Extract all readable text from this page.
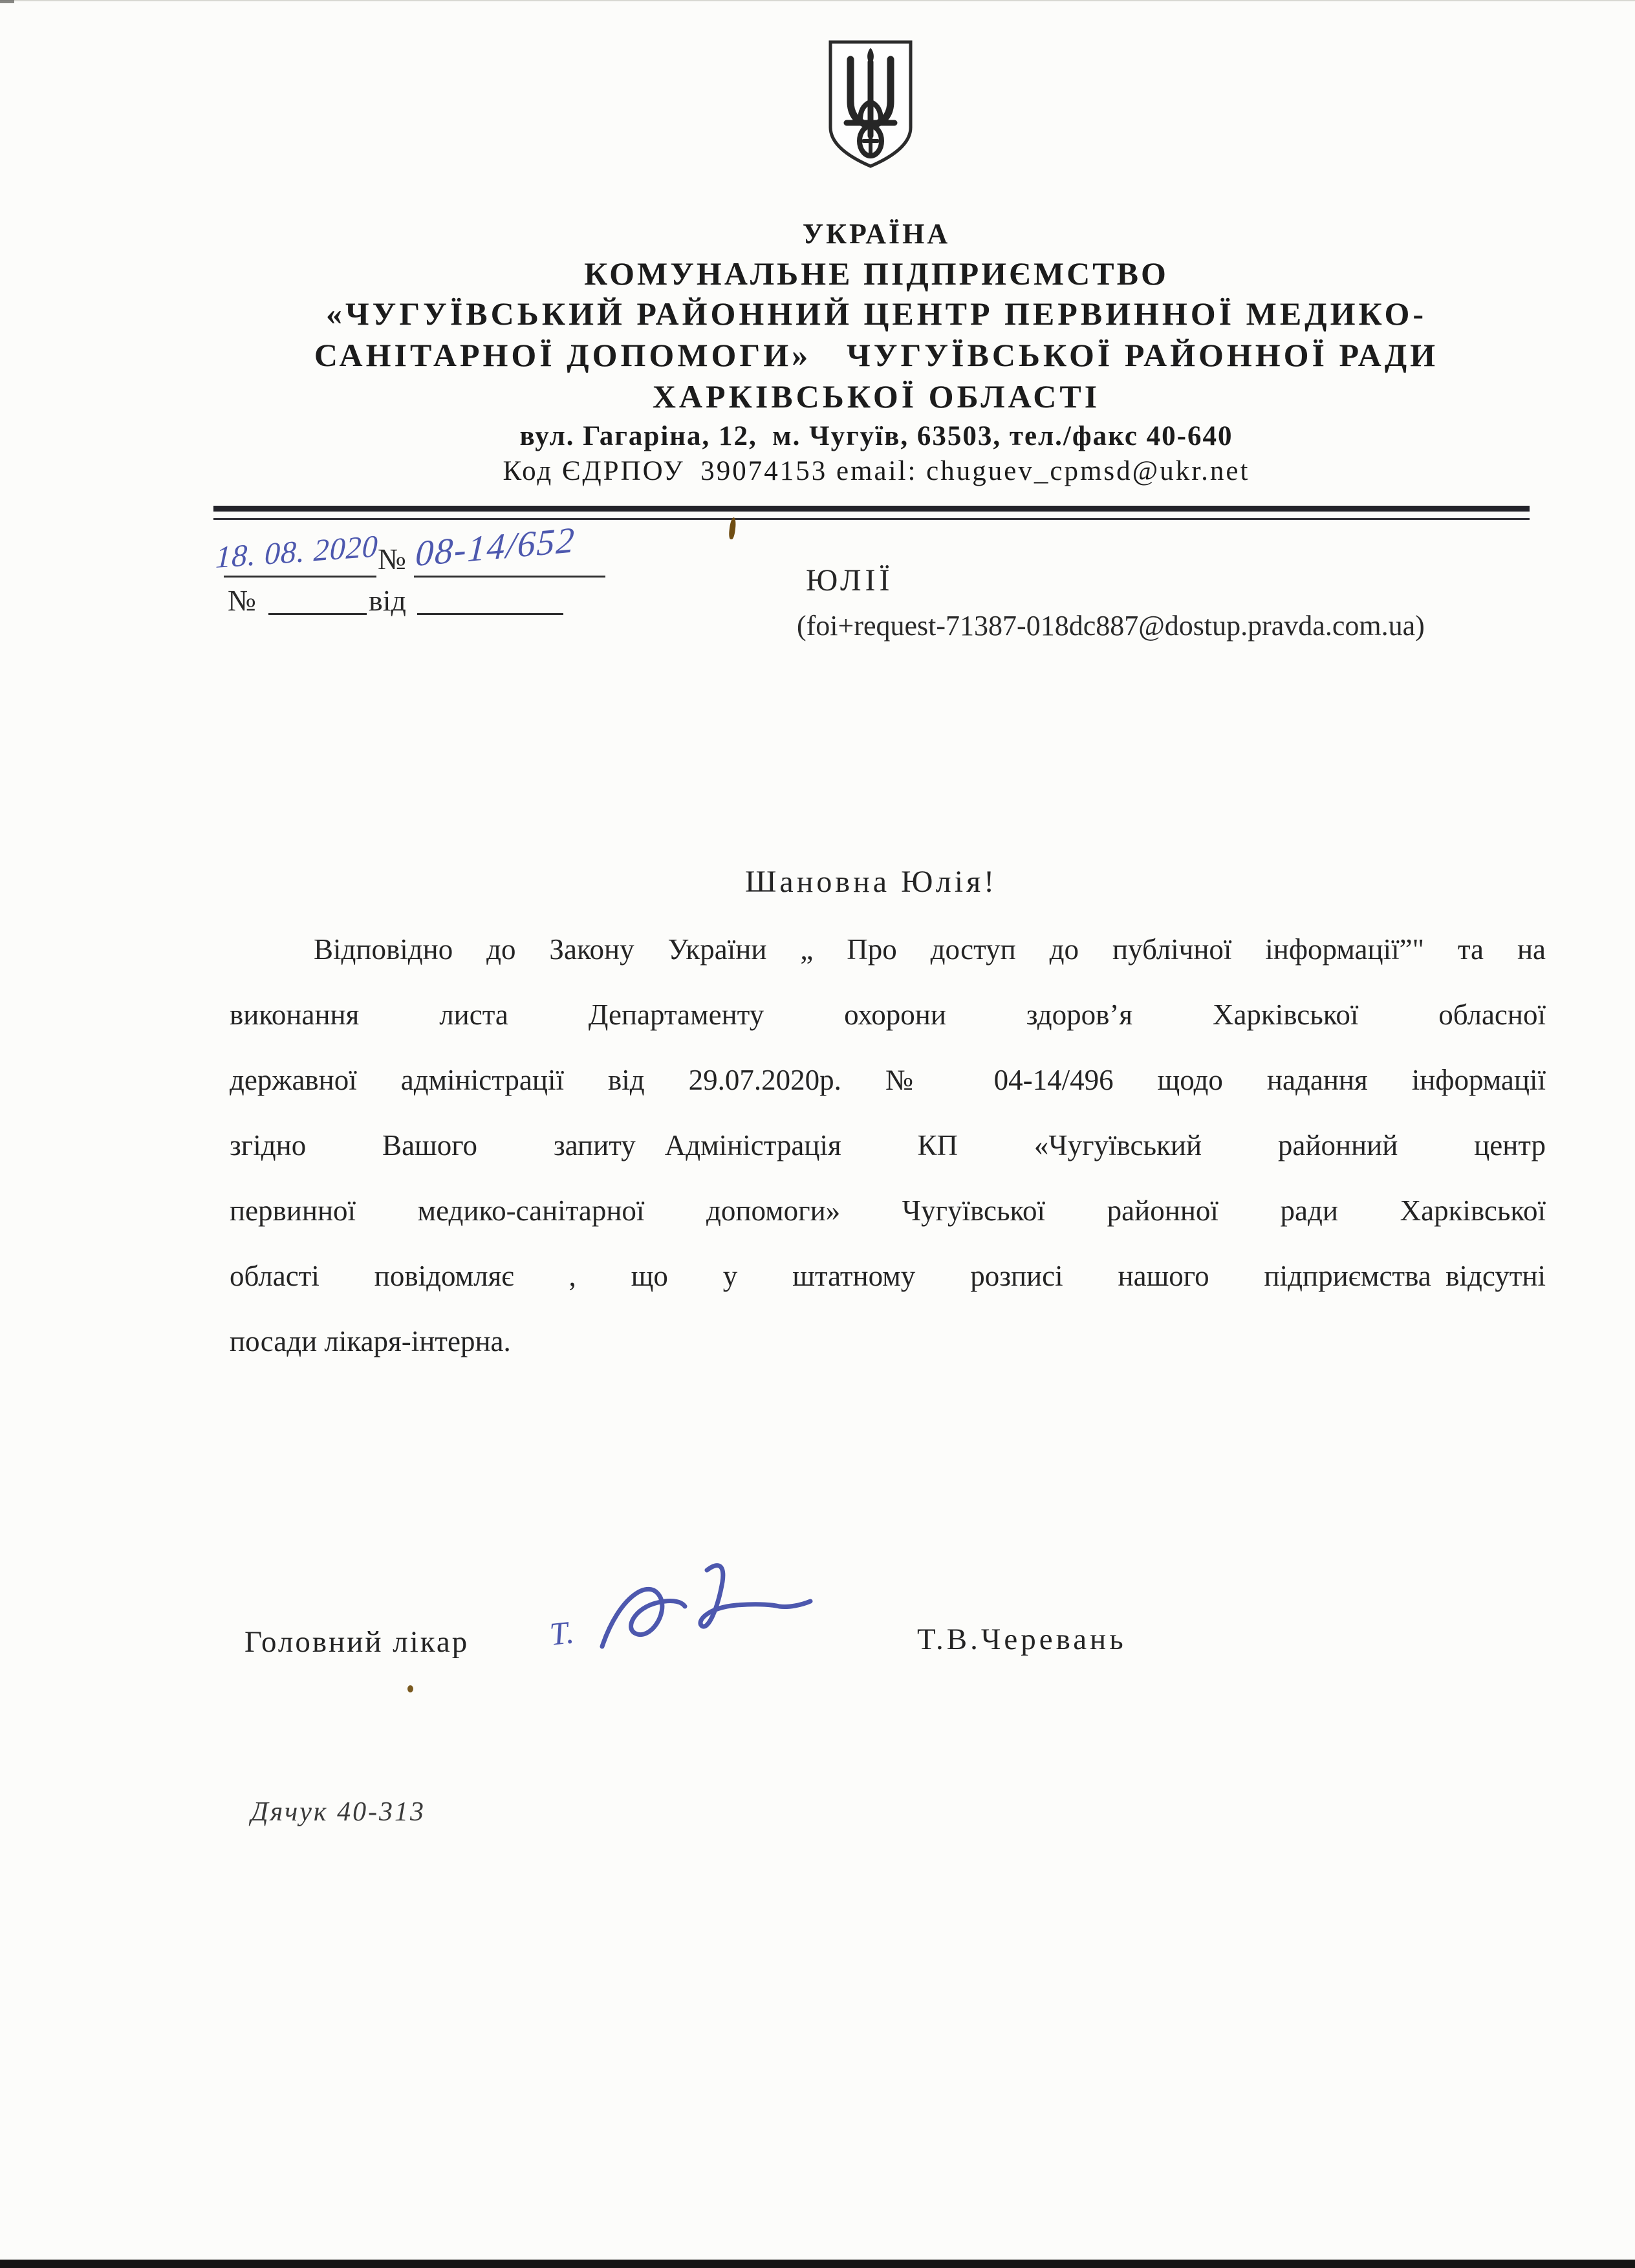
УКРАЇНА
КОМУНАЛЬНЕ ПІДПРИЄМСТВО
«ЧУГУЇВСЬКИЙ РАЙОННИЙ ЦЕНТР ПЕРВИННОЇ МЕДИКО-
САНІТАРНОЇ ДОПОМОГИ» ЧУГУЇВСЬКОЇ РАЙОННОЇ РАДИ
ХАРКІВСЬКОЇ ОБЛАСТІ
вул. Гагаріна, 12, м. Чугуїв, 63503, тел./факс 40-640
Код ЄДРПОУ 39074153 email: chuguev_cpmsd@ukr.net
18. 08. 2020
№ 08-14/652
№	від
ЮЛІЇ
(foi+request-71387-018dc887@dostup.pravda.com.ua)
Шановна Юлія!
Відповідно до Закону України „ Про доступ до публічної інформації”" та на
виконання листа Департаменту охорони здоров’я Харківської обласної
державної адміністрації від 29.07.2020р. № 04-14/496 щодо надання інформації
згідно Вашого запиту Адміністрація КП «Чугуївський районний центр
первинної медико-санітарної допомоги» Чугуївської районної ради Харківської
області повідомляє , що у штатному розписі нашого підприємства відсутні
посади лікаря-інтерна.
Головний лікар Т.	Т.В.Черевань
Дячук 40-313
